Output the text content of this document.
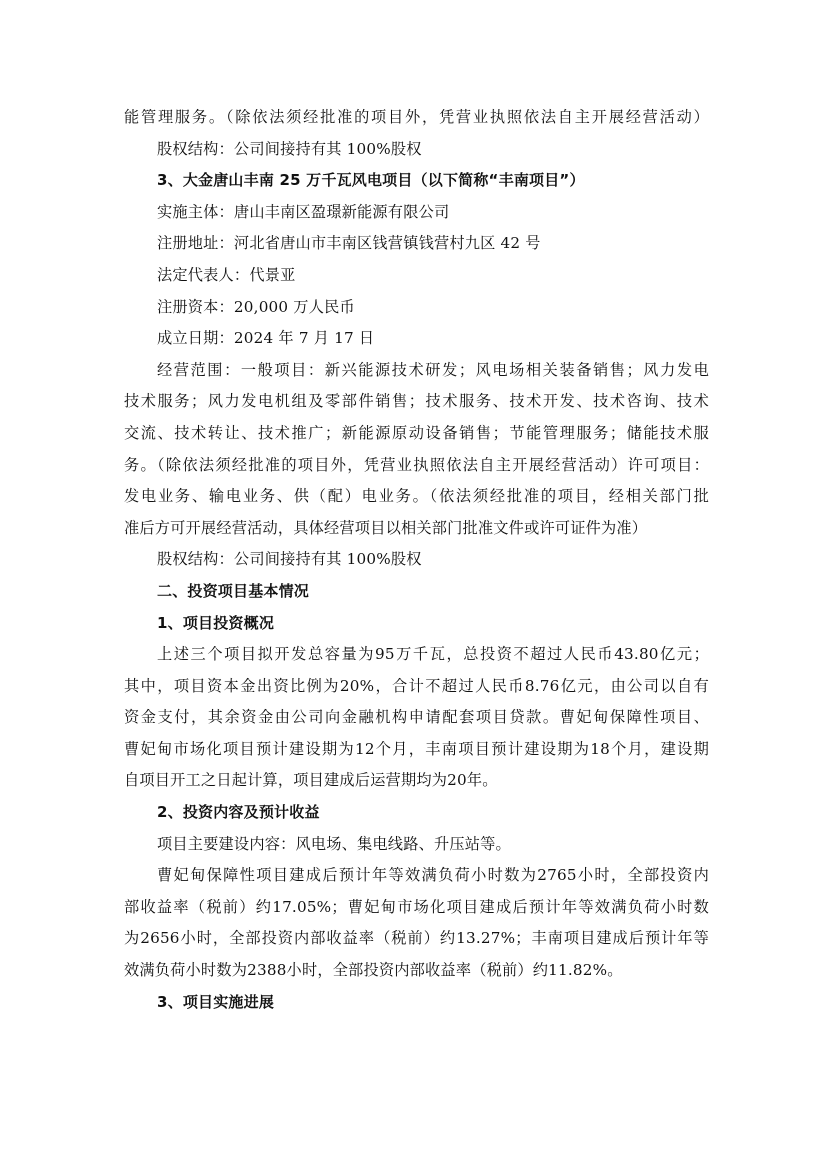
能管理服务。（除依法须经批准的项目外，凭营业执照依法自主开展经营活动）
股权结构：公司间接持有其 100%股权
3、大金唐山丰南 25 万千瓦风电项目（以下简称“丰南项目”）
实施主体：唐山丰南区盈璟新能源有限公司
注册地址：河北省唐山市丰南区钱营镇钱营村九区 42 号
法定代表人：代景亚
注册资本：20,000 万人民币
成立日期：2024 年 7 月 17 日
经营范围：一般项目：新兴能源技术研发；风电场相关装备销售；风力发电
技术服务；风力发电机组及零部件销售；技术服务、技术开发、技术咨询、技术
交流、技术转让、技术推广；新能源原动设备销售；节能管理服务；储能技术服
务。（除依法须经批准的项目外，凭营业执照依法自主开展经营活动）许可项目：
发电业务、输电业务、供（配）电业务。（依法须经批准的项目，经相关部门批
准后方可开展经营活动，具体经营项目以相关部门批准文件或许可证件为准）
股权结构：公司间接持有其 100%股权
二、投资项目基本情况
1、项目投资概况
上述三个项目拟开发总容量为95万千瓦，总投资不超过人民币43.80亿元；
其中，项目资本金出资比例为20%，合计不超过人民币8.76亿元，由公司以自有
资金支付，其余资金由公司向金融机构申请配套项目贷款。曹妃甸保障性项目、
曹妃甸市场化项目预计建设期为12个月，丰南项目预计建设期为18个月，建设期
自项目开工之日起计算，项目建成后运营期均为20年。
2、投资内容及预计收益
项目主要建设内容：风电场、集电线路、升压站等。
曹妃甸保障性项目建成后预计年等效满负荷小时数为2765小时，全部投资内
部收益率（税前）约17.05%；曹妃甸市场化项目建成后预计年等效满负荷小时数
为2656小时，全部投资内部收益率（税前）约13.27%；丰南项目建成后预计年等
效满负荷小时数为2388小时，全部投资内部收益率（税前）约11.82%。
3、项目实施进展
